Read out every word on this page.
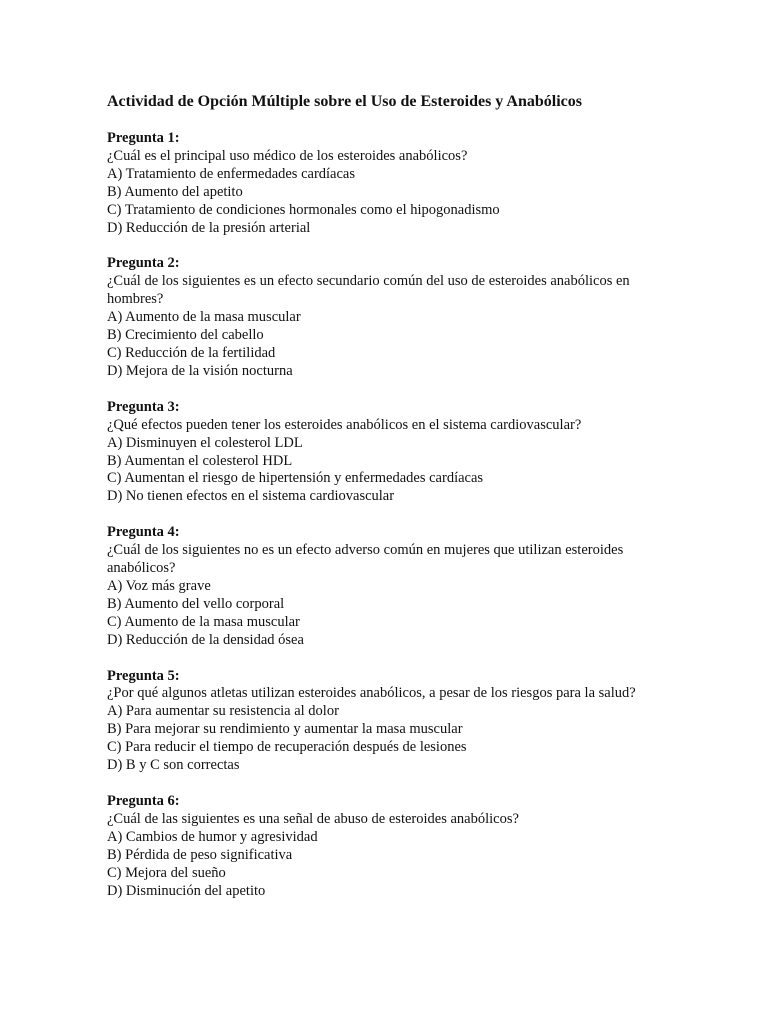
Actividad de Opción Múltiple sobre el Uso de Esteroides y Anabólicos
Pregunta 1:
¿Cuál es el principal uso médico de los esteroides anabólicos?
A) Tratamiento de enfermedades cardíacas
B) Aumento del apetito
C) Tratamiento de condiciones hormonales como el hipogonadismo
D) Reducción de la presión arterial
Pregunta 2:
¿Cuál de los siguientes es un efecto secundario común del uso de esteroides anabólicos en hombres?
A) Aumento de la masa muscular
B) Crecimiento del cabello
C) Reducción de la fertilidad
D) Mejora de la visión nocturna
Pregunta 3:
¿Qué efectos pueden tener los esteroides anabólicos en el sistema cardiovascular?
A) Disminuyen el colesterol LDL
B) Aumentan el colesterol HDL
C) Aumentan el riesgo de hipertensión y enfermedades cardíacas
D) No tienen efectos en el sistema cardiovascular
Pregunta 4:
¿Cuál de los siguientes no es un efecto adverso común en mujeres que utilizan esteroides anabólicos?
A) Voz más grave
B) Aumento del vello corporal
C) Aumento de la masa muscular
D) Reducción de la densidad ósea
Pregunta 5:
¿Por qué algunos atletas utilizan esteroides anabólicos, a pesar de los riesgos para la salud?
A) Para aumentar su resistencia al dolor
B) Para mejorar su rendimiento y aumentar la masa muscular
C) Para reducir el tiempo de recuperación después de lesiones
D) B y C son correctas
Pregunta 6:
¿Cuál de las siguientes es una señal de abuso de esteroides anabólicos?
A) Cambios de humor y agresividad
B) Pérdida de peso significativa
C) Mejora del sueño
D) Disminución del apetito
